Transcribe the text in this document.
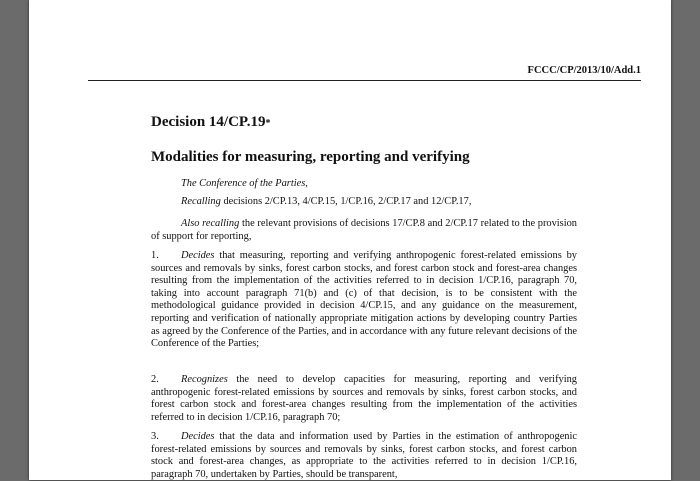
FCCC/CP/2013/10/Add.1
Decision 14/CP.19*
Modalities for measuring, reporting and verifying
The Conference of the Parties,
Recalling decisions 2/CP.13, 4/CP.15, 1/CP.16, 2/CP.17 and 12/CP.17,
Also recalling the relevant provisions of decisions 17/CP.8 and 2/CP.17 related to the provision of support for reporting,
1. Decides that measuring, reporting and verifying anthropogenic forest-related emissions by sources and removals by sinks, forest carbon stocks, and forest carbon stock and forest-area changes resulting from the implementation of the activities referred to in decision 1/CP.16, paragraph 70, taking into account paragraph 71(b) and (c) of that decision, is to be consistent with the methodological guidance provided in decision 4/CP.15, and any guidance on the measurement, reporting and verification of nationally appropriate mitigation actions by developing country Parties as agreed by the Conference of the Parties, and in accordance with any future relevant decisions of the Conference of the Parties;
2. Recognizes the need to develop capacities for measuring, reporting and verifying anthropogenic forest-related emissions by sources and removals by sinks, forest carbon stocks, and forest carbon stock and forest-area changes resulting from the implementation of the activities referred to in decision 1/CP.16, paragraph 70;
3. Decides that the data and information used by Parties in the estimation of anthropogenic forest-related emissions by sources and removals by sinks, forest carbon stocks, and forest carbon stock and forest-area changes, as appropriate to the activities referred to in decision 1/CP.16, paragraph 70, undertaken by Parties, should be transparent,
